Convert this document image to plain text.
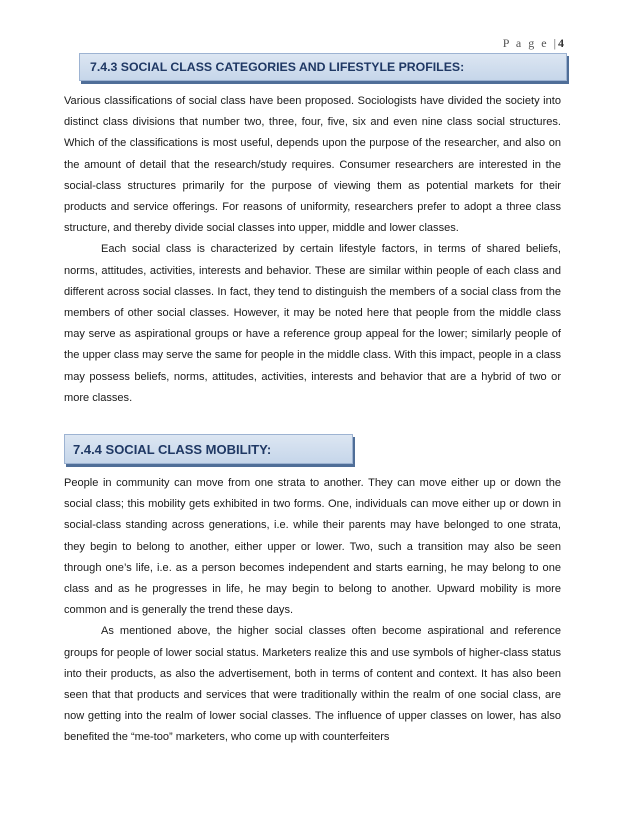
P a g e |4
7.4.3 SOCIAL CLASS CATEGORIES AND LIFESTYLE PROFILES:
Various classifications of social class have been proposed. Sociologists have divided the society into distinct class divisions that number two, three, four, five, six and even nine class social structures. Which of the classifications is most useful, depends upon the purpose of the researcher, and also on the amount of detail that the research/study requires. Consumer researchers are interested in the social-class structures primarily for the purpose of viewing them as potential markets for their products and service offerings. For reasons of uniformity, researchers prefer to adopt a three class structure, and thereby divide social classes into upper, middle and lower classes.
Each social class is characterized by certain lifestyle factors, in terms of shared beliefs, norms, attitudes, activities, interests and behavior. These are similar within people of each class and different across social classes. In fact, they tend to distinguish the members of a social class from the members of other social classes. However, it may be noted here that people from the middle class may serve as aspirational groups or have a reference group appeal for the lower; similarly people of the upper class may serve the same for people in the middle class. With this impact, people in a class may possess beliefs, norms, attitudes, activities, interests and behavior that are a hybrid of two or more classes.
7.4.4 SOCIAL CLASS MOBILITY:
People in community can move from one strata to another. They can move either up or down the social class; this mobility gets exhibited in two forms. One, individuals can move either up or down in social-class standing across generations, i.e. while their parents may have belonged to one strata, they begin to belong to another, either upper or lower. Two, such a transition may also be seen through one’s life, i.e. as a person becomes independent and starts earning, he may belong to one class and as he progresses in life, he may begin to belong to another. Upward mobility is more common and is generally the trend these days.
As mentioned above, the higher social classes often become aspirational and reference groups for people of lower social status. Marketers realize this and use symbols of higher-class status into their products, as also the advertisement, both in terms of content and context. It has also been seen that that products and services that were traditionally within the realm of one social class, are now getting into the realm of lower social classes. The influence of upper classes on lower, has also benefited the “me-too” marketers, who come up with counterfeiters
